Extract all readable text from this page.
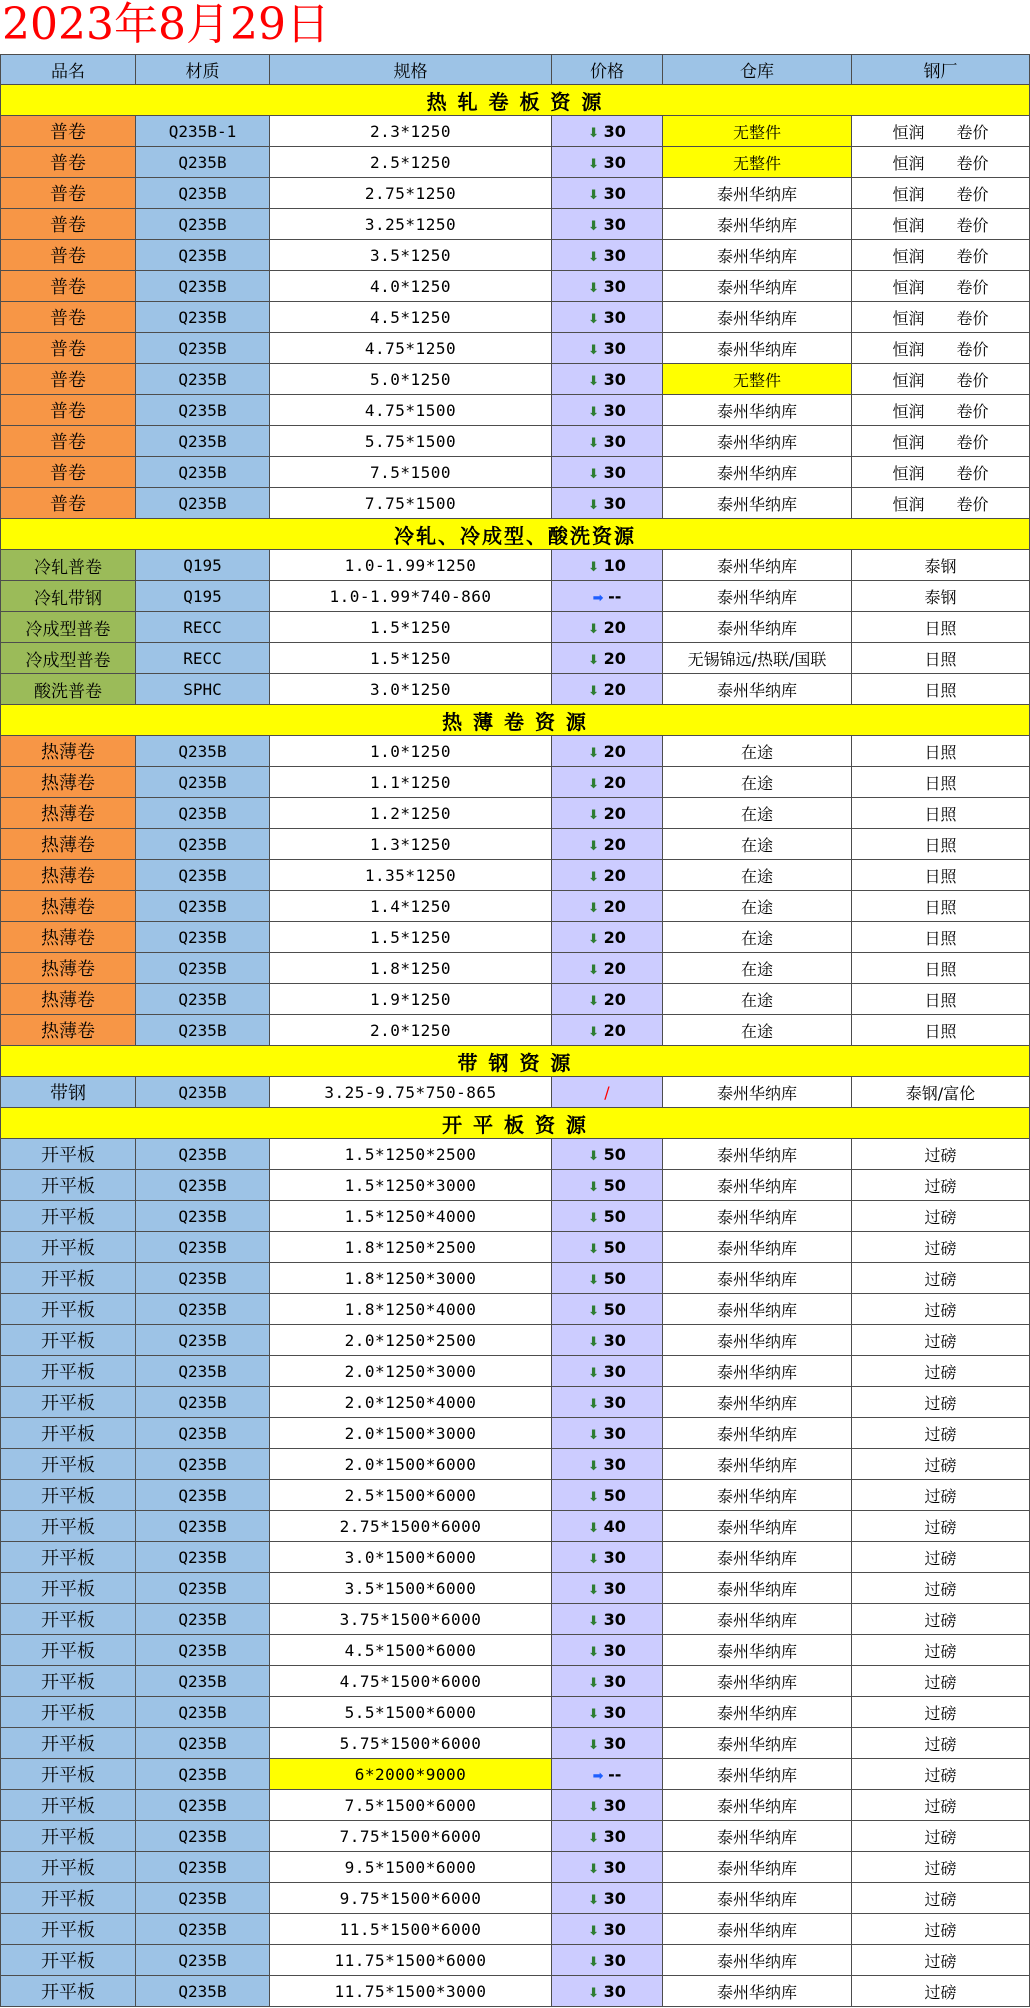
2023年8月29日
品名	材质	规格	价格	仓库	钢厂
热 轧 卷 板 资 源					
普卷	Q235B-1	2.3*1250	⬇ 30	无整件	恒润　　卷价
普卷	Q235B	2.5*1250	⬇ 30	无整件	恒润　　卷价
普卷	Q235B	2.75*1250	⬇ 30	泰州华纳库	恒润　　卷价
普卷	Q235B	3.25*1250	⬇ 30	泰州华纳库	恒润　　卷价
普卷	Q235B	3.5*1250	⬇ 30	泰州华纳库	恒润　　卷价
普卷	Q235B	4.0*1250	⬇ 30	泰州华纳库	恒润　　卷价
普卷	Q235B	4.5*1250	⬇ 30	泰州华纳库	恒润　　卷价
普卷	Q235B	4.75*1250	⬇ 30	泰州华纳库	恒润　　卷价
普卷	Q235B	5.0*1250	⬇ 30	无整件	恒润　　卷价
普卷	Q235B	4.75*1500	⬇ 30	泰州华纳库	恒润　　卷价
普卷	Q235B	5.75*1500	⬇ 30	泰州华纳库	恒润　　卷价
普卷	Q235B	7.5*1500	⬇ 30	泰州华纳库	恒润　　卷价
普卷	Q235B	7.75*1500	⬇ 30	泰州华纳库	恒润　　卷价
冷轧、冷成型、酸洗资源					
冷轧普卷	Q195	1.0-1.99*1250	⬇ 10	泰州华纳库	泰钢
冷轧带钢	Q195	1.0-1.99*740-860	➡ --	泰州华纳库	泰钢
冷成型普卷	RECC	1.5*1250	⬇ 20	泰州华纳库	日照
冷成型普卷	RECC	1.5*1250	⬇ 20	无锡锦远/热联/国联	日照
酸洗普卷	SPHC	3.0*1250	⬇ 20	泰州华纳库	日照
热 薄 卷 资 源					
热薄卷	Q235B	1.0*1250	⬇ 20	在途	日照
热薄卷	Q235B	1.1*1250	⬇ 20	在途	日照
热薄卷	Q235B	1.2*1250	⬇ 20	在途	日照
热薄卷	Q235B	1.3*1250	⬇ 20	在途	日照
热薄卷	Q235B	1.35*1250	⬇ 20	在途	日照
热薄卷	Q235B	1.4*1250	⬇ 20	在途	日照
热薄卷	Q235B	1.5*1250	⬇ 20	在途	日照
热薄卷	Q235B	1.8*1250	⬇ 20	在途	日照
热薄卷	Q235B	1.9*1250	⬇ 20	在途	日照
热薄卷	Q235B	2.0*1250	⬇ 20	在途	日照
带 钢 资 源					
带钢	Q235B	3.25-9.75*750-865	/	泰州华纳库	泰钢/富伦
开 平 板 资 源					
开平板	Q235B	1.5*1250*2500	⬇ 50	泰州华纳库	过磅
开平板	Q235B	1.5*1250*3000	⬇ 50	泰州华纳库	过磅
开平板	Q235B	1.5*1250*4000	⬇ 50	泰州华纳库	过磅
开平板	Q235B	1.8*1250*2500	⬇ 50	泰州华纳库	过磅
开平板	Q235B	1.8*1250*3000	⬇ 50	泰州华纳库	过磅
开平板	Q235B	1.8*1250*4000	⬇ 50	泰州华纳库	过磅
开平板	Q235B	2.0*1250*2500	⬇ 30	泰州华纳库	过磅
开平板	Q235B	2.0*1250*3000	⬇ 30	泰州华纳库	过磅
开平板	Q235B	2.0*1250*4000	⬇ 30	泰州华纳库	过磅
开平板	Q235B	2.0*1500*3000	⬇ 30	泰州华纳库	过磅
开平板	Q235B	2.0*1500*6000	⬇ 30	泰州华纳库	过磅
开平板	Q235B	2.5*1500*6000	⬇ 50	泰州华纳库	过磅
开平板	Q235B	2.75*1500*6000	⬇ 40	泰州华纳库	过磅
开平板	Q235B	3.0*1500*6000	⬇ 30	泰州华纳库	过磅
开平板	Q235B	3.5*1500*6000	⬇ 30	泰州华纳库	过磅
开平板	Q235B	3.75*1500*6000	⬇ 30	泰州华纳库	过磅
开平板	Q235B	4.5*1500*6000	⬇ 30	泰州华纳库	过磅
开平板	Q235B	4.75*1500*6000	⬇ 30	泰州华纳库	过磅
开平板	Q235B	5.5*1500*6000	⬇ 30	泰州华纳库	过磅
开平板	Q235B	5.75*1500*6000	⬇ 30	泰州华纳库	过磅
开平板	Q235B	6*2000*9000	➡ --	泰州华纳库	过磅
开平板	Q235B	7.5*1500*6000	⬇ 30	泰州华纳库	过磅
开平板	Q235B	7.75*1500*6000	⬇ 30	泰州华纳库	过磅
开平板	Q235B	9.5*1500*6000	⬇ 30	泰州华纳库	过磅
开平板	Q235B	9.75*1500*6000	⬇ 30	泰州华纳库	过磅
开平板	Q235B	11.5*1500*6000	⬇ 30	泰州华纳库	过磅
开平板	Q235B	11.75*1500*6000	⬇ 30	泰州华纳库	过磅
开平板	Q235B	11.75*1500*3000	⬇ 30	泰州华纳库	过磅
